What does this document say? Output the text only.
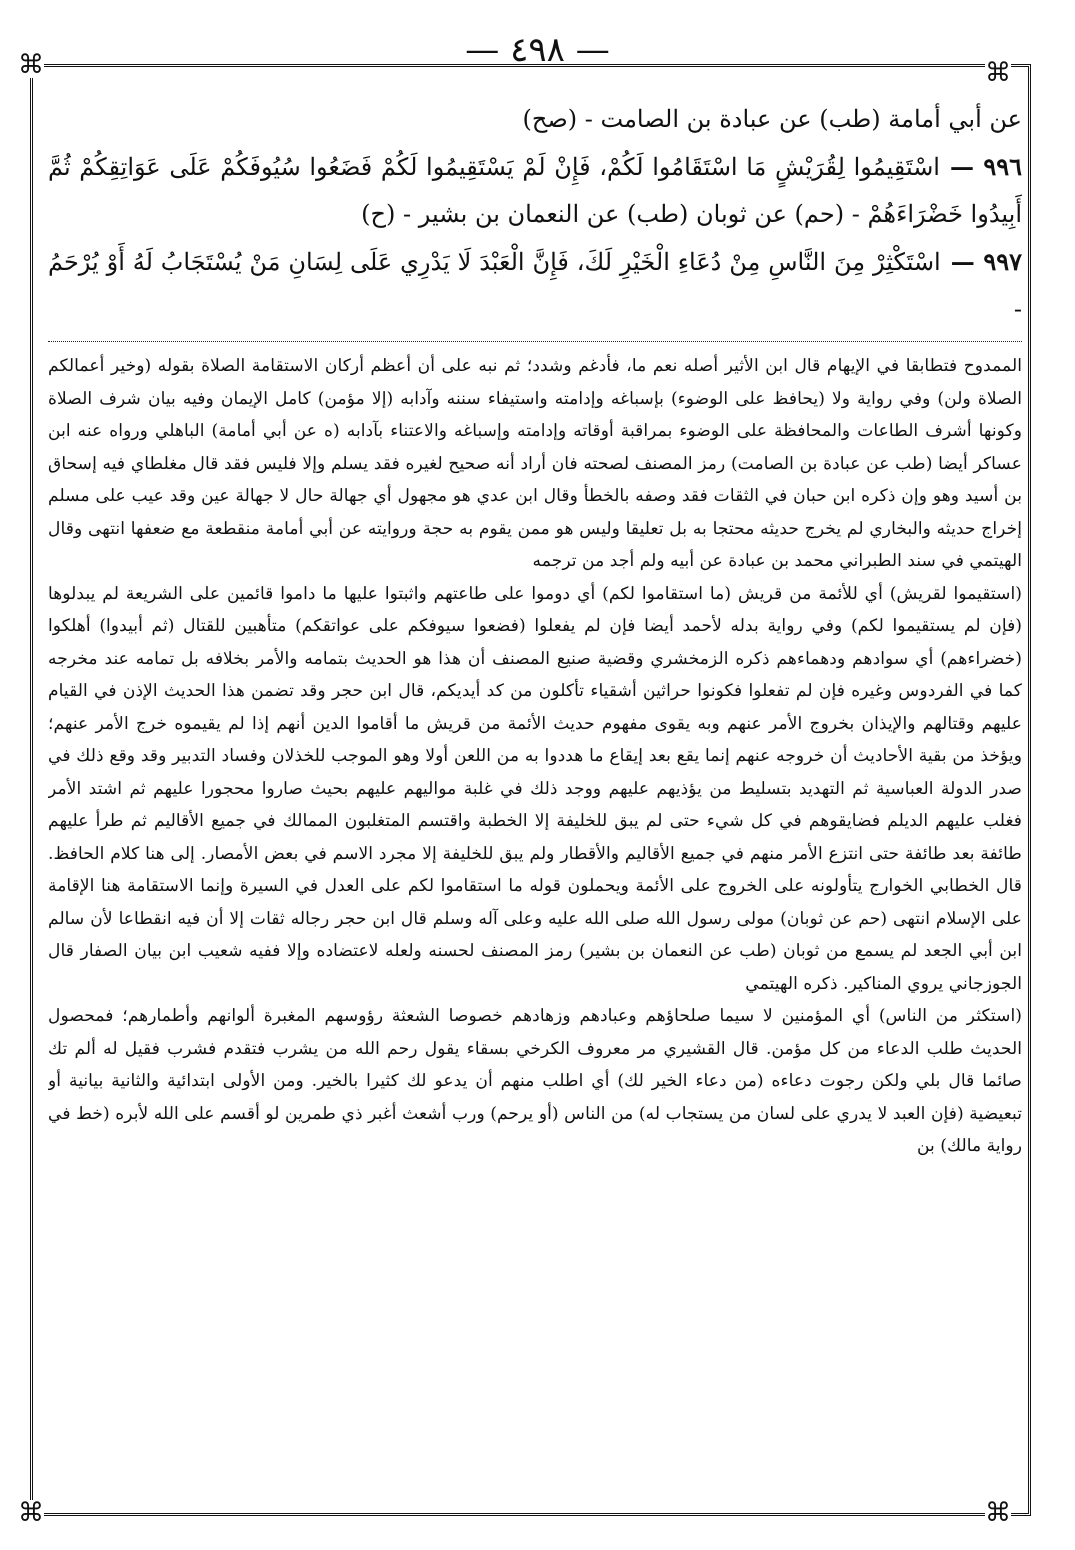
— ٤٩٨ —
⌘	⌘
⌘	⌘

عن أبي أمامة (طب) عن عبادة بن الصامت - (صح)

٩٩٦ —اسْتَقِيمُوا لِقُرَيْشٍ مَا اسْتَقَامُوا لَكُمْ، فَإِنْ لَمْ يَسْتَقِيمُوا لَكُمْ فَضَعُوا سُيُوفَكُمْ عَلَى عَوَاتِقِكُمْ ثُمَّ أَبِيدُوا خَضْرَاءَهُمْ - (حم) عن ثوبان (طب) عن النعمان بن بشير - (ح)

٩٩٧ —اسْتَكْثِرْ مِنَ النَّاسِ مِنْ دُعَاءِ الْخَيْرِ لَكَ، فَإِنَّ الْعَبْدَ لَا يَدْرِي عَلَى لِسَانِ مَنْ يُسْتَجَابُ لَهُ أَوْ يُرْحَمُ -

الممدوح فتطابقا في الإيهام قال ابن الأثير أصله نعم ما، فأدغم وشدد؛ ثم نبه على أن أعظم أركان الاستقامة الصلاة بقوله (وخير أعمالكم الصلاة ولن) وفي رواية ولا (يحافظ على الوضوء) بإسباغه وإدامته واستيفاء سننه وآدابه (إلا مؤمن) كامل الإيمان وفيه بيان شرف الصلاة وكونها أشرف الطاعات والمحافظة على الوضوء بمراقبة أوقاته وإدامته وإسباغه والاعتناء بآدابه (ه عن أبي أمامة) الباهلي ورواه عنه ابن عساكر أيضا (طب عن عبادة بن الصامت) رمز المصنف لصحته فان أراد أنه صحيح لغيره فقد يسلم وإلا فليس فقد قال مغلطاي فيه إسحاق بن أسيد وهو وإن ذكره ابن حبان في الثقات فقد وصفه بالخطأ وقال ابن عدي هو مجهول أي جهالة حال لا جهالة عين وقد عيب على مسلم إخراج حديثه والبخاري لم يخرج حديثه محتجا به بل تعليقا وليس هو ممن يقوم به حجة وروايته عن أبي أمامة منقطعة مع ضعفها انتهى وقال الهيتمي في سند الطبراني محمد بن عبادة عن أبيه ولم أجد من ترجمه

(استقيموا لقريش) أي للأئمة من قريش (ما استقاموا لكم) أي دوموا على طاعتهم واثبتوا عليها ما داموا قائمين على الشريعة لم يبدلوها (فإن لم يستقيموا لكم) وفي رواية بدله لأحمد أيضا فإن لم يفعلوا (فضعوا سيوفكم على عواتقكم) متأهبين للقتال (ثم أبيدوا) أهلكوا (خضراءهم) أي سوادهم ودهماءهم ذكره الزمخشري وقضية صنيع المصنف أن هذا هو الحديث بتمامه والأمر بخلافه بل تمامه عند مخرجه كما في الفردوس وغيره فإن لم تفعلوا فكونوا حراثين أشقياء تأكلون من كد أيديكم، قال ابن حجر وقد تضمن هذا الحديث الإذن في القيام عليهم وقتالهم والإيذان بخروج الأمر عنهم وبه يقوى مفهوم حديث الأئمة من قريش ما أقاموا الدين أنهم إذا لم يقيموه خرج الأمر عنهم؛ ويؤخذ من بقية الأحاديث أن خروجه عنهم إنما يقع بعد إيقاع ما هددوا به من اللعن أولا وهو الموجب للخذلان وفساد التدبير وقد وقع ذلك في صدر الدولة العباسية ثم التهديد بتسليط من يؤذيهم عليهم ووجد ذلك في غلبة مواليهم عليهم بحيث صاروا محجورا عليهم ثم اشتد الأمر فغلب عليهم الديلم فضايقوهم في كل شيء حتى لم يبق للخليفة إلا الخطبة واقتسم المتغلبون الممالك في جميع الأقاليم ثم طرأ عليهم طائفة بعد طائفة حتى انتزع الأمر منهم في جميع الأقاليم والأقطار ولم يبق للخليفة إلا مجرد الاسم في بعض الأمصار. إلى هنا كلام الحافظ. قال الخطابي الخوارج يتأولونه على الخروج على الأئمة ويحملون قوله ما استقاموا لكم على العدل في السيرة وإنما الاستقامة هنا الإقامة على الإسلام انتهى (حم عن ثوبان) مولى رسول الله صلى الله عليه وعلى آله وسلم قال ابن حجر رجاله ثقات إلا أن فيه انقطاعا لأن سالم ابن أبي الجعد لم يسمع من ثوبان (طب عن النعمان بن بشير) رمز المصنف لحسنه ولعله لاعتضاده وإلا ففيه شعيب ابن بيان الصفار قال الجوزجاني يروي المناكير. ذكره الهيتمي

(استكثر من الناس) أي المؤمنين لا سيما صلحاؤهم وعبادهم وزهادهم خصوصا الشعثة رؤوسهم المغبرة ألوانهم وأطمارهم؛ فمحصول الحديث طلب الدعاء من كل مؤمن. قال القشيري مر معروف الكرخي بسقاء يقول رحم الله من يشرب فتقدم فشرب فقيل له ألم تك صائما قال بلي ولكن رجوت دعاءه (من دعاء الخير لك) أي اطلب منهم أن يدعو لك كثيرا بالخير. ومن الأولى ابتدائية والثانية بيانية أو تبعيضية (فإن العبد لا يدري على لسان من يستجاب له) من الناس (أو يرحم) ورب أشعث أغبر ذي طمرين لو أقسم على الله لأبره (خط في رواية مالك) بن
